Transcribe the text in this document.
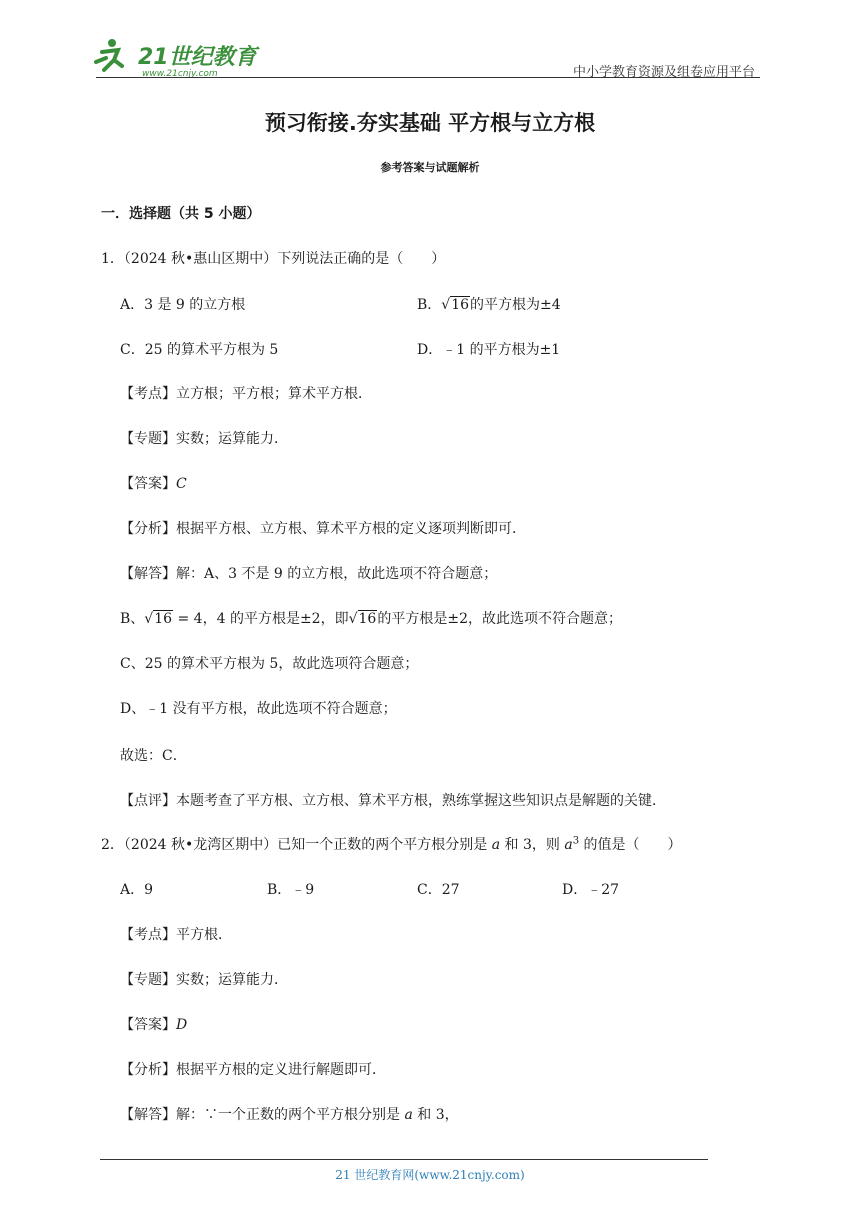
21世纪教育
www.21cnjy.com	中小学教育资源及组卷应用平台
预习衔接.夯实基础 平方根与立方根
参考答案与试题解析
一．选择题（共 5 小题）
1．（2024 秋•惠山区期中）下列说法正确的是（　　）
A．3 是 9 的立方根	B．√16的平方根为±4
C．25 的算术平方根为 5	D．﹣1 的平方根为±1
【考点】立方根；平方根；算术平方根．
【专题】实数；运算能力．
【答案】C
【分析】根据平方根、立方根、算术平方根的定义逐项判断即可．
【解答】解：A、3 不是 9 的立方根，故此选项不符合题意；
B、√16 = 4，4 的平方根是±2，即√16的平方根是±2，故此选项不符合题意；
C、25 的算术平方根为 5，故此选项符合题意；
D、﹣1 没有平方根，故此选项不符合题意；
故选：C．
【点评】本题考查了平方根、立方根、算术平方根，熟练掌握这些知识点是解题的关键．
2．（2024 秋•龙湾区期中）已知一个正数的两个平方根分别是 a 和 3，则 $a^3$ 的值是（　　）
A．9	B．﹣9	C．27	D．﹣27
【考点】平方根．
【专题】实数；运算能力．
【答案】D
【分析】根据平方根的定义进行解题即可．
【解答】解：∵一个正数的两个平方根分别是 a 和 3，
21 世纪教育网(www.21cnjy.com)
